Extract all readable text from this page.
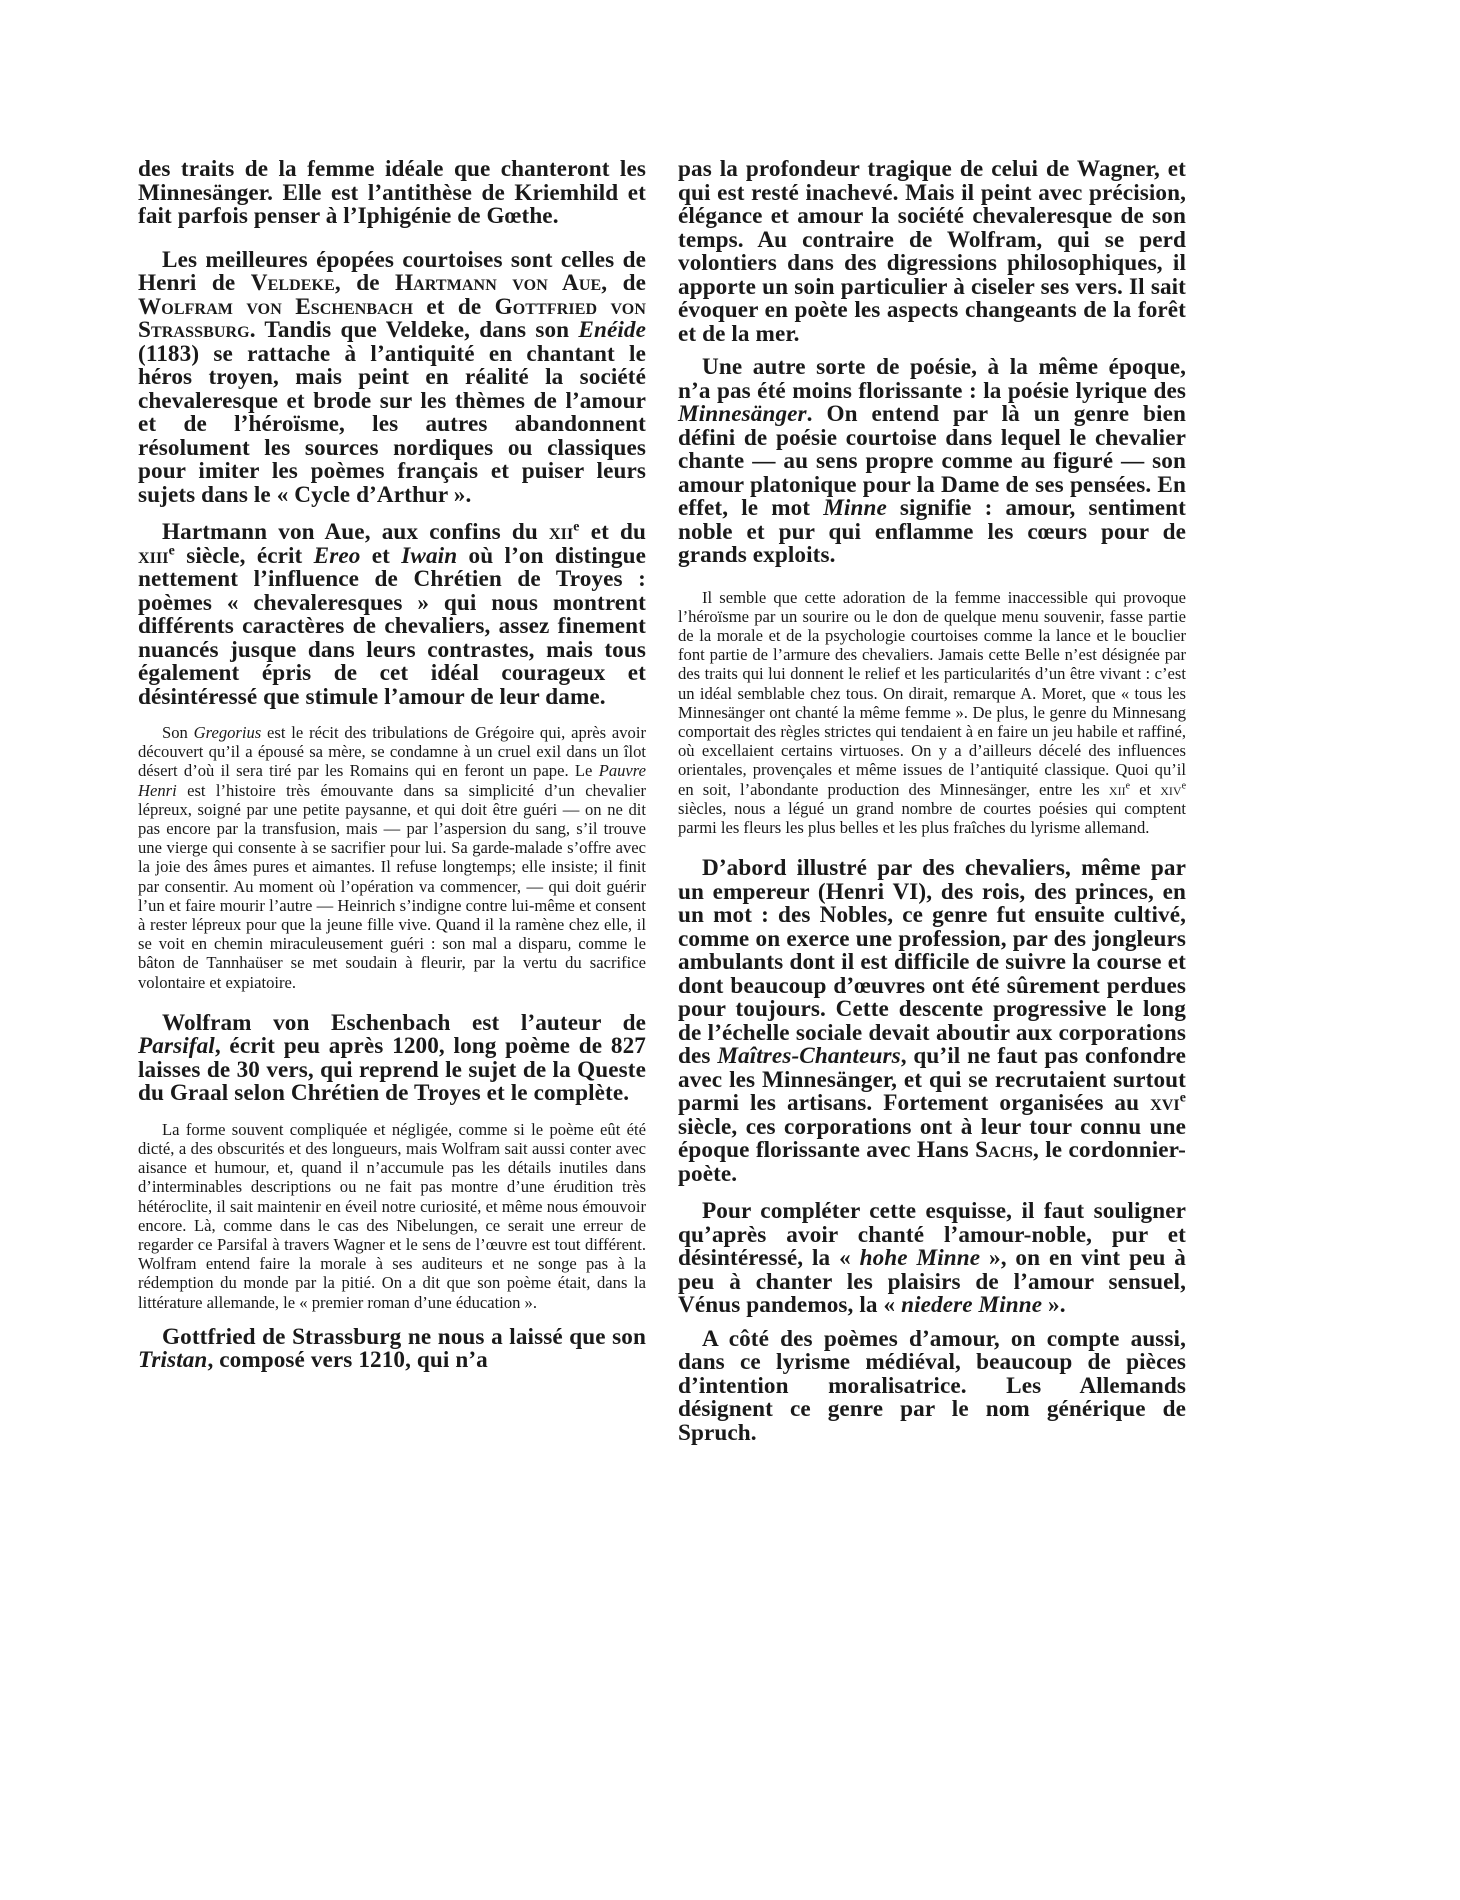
des traits de la femme idéale que chanteront les Minnesänger. Elle est l’antithèse de Kriemhild et fait parfois penser à l’Iphigénie de Gœthe.

Les meilleures épopées courtoises sont celles de Henri de Veldeke, de Hartmann von Aue, de Wolfram von Eschenbach et de Gottfried von Strassburg. Tandis que Veldeke, dans son Enéide (1183) se rattache à l’antiquité en chantant le héros troyen, mais peint en réalité la société chevaleresque et brode sur les thèmes de l’amour et de l’héroïsme, les autres abandonnent résolument les sources nordiques ou classiques pour imiter les poèmes français et puiser leurs sujets dans le « Cycle d’Arthur ».

Hartmann von Aue, aux confins du xii$^e$ et du xiii$^e$ siècle, écrit Ereo et Iwain où l’on distingue nettement l’influence de Chrétien de Troyes : poèmes « chevaleresques » qui nous montrent différents caractères de chevaliers, assez finement nuancés jusque dans leurs contrastes, mais tous également épris de cet idéal courageux et désintéressé que stimule l’amour de leur dame.

Son Gregorius est le récit des tribulations de Grégoire qui, après avoir découvert qu’il a épousé sa mère, se condamne à un cruel exil dans un îlot désert d’où il sera tiré par les Romains qui en feront un pape. Le Pauvre Henri est l’histoire très émouvante dans sa simplicité d’un chevalier lépreux, soigné par une petite paysanne, et qui doit être guéri — on ne dit pas encore par la transfusion, mais — par l’aspersion du sang, s’il trouve une vierge qui consente à se sacrifier pour lui. Sa garde-malade s’offre avec la joie des âmes pures et aimantes. Il refuse longtemps; elle insiste; il finit par consentir. Au moment où l’opération va commencer, — qui doit guérir l’un et faire mourir l’autre — Heinrich s’indigne contre lui-même et consent à rester lépreux pour que la jeune fille vive. Quand il la ramène chez elle, il se voit en chemin miraculeusement guéri : son mal a disparu, comme le bâton de Tannhaüser se met soudain à fleurir, par la vertu du sacrifice volontaire et expiatoire.

Wolfram von Eschenbach est l’auteur de Parsifal, écrit peu après 1200, long poème de 827 laisses de 30 vers, qui reprend le sujet de la Queste du Graal selon Chrétien de Troyes et le complète.

La forme souvent compliquée et négligée, comme si le poème eût été dicté, a des obscurités et des longueurs, mais Wolfram sait aussi conter avec aisance et humour, et, quand il n’accumule pas les détails inutiles dans d’interminables descriptions ou ne fait pas montre d’une érudition très hétéroclite, il sait maintenir en éveil notre curiosité, et même nous émouvoir encore. Là, comme dans le cas des Nibelungen, ce serait une erreur de regarder ce Parsifal à travers Wagner et le sens de l’œuvre est tout différent. Wolfram entend faire la morale à ses auditeurs et ne songe pas à la rédemption du monde par la pitié. On a dit que son poème était, dans la littérature allemande, le « premier roman d’une éducation ».

Gottfried de Strassburg ne nous a laissé que son Tristan, composé vers 1210, qui n’a

pas la profondeur tragique de celui de Wagner, et qui est resté inachevé. Mais il peint avec précision, élégance et amour la société chevaleresque de son temps. Au contraire de Wolfram, qui se perd volontiers dans des digressions philosophiques, il apporte un soin particulier à ciseler ses vers. Il sait évoquer en poète les aspects changeants de la forêt et de la mer.

Une autre sorte de poésie, à la même époque, n’a pas été moins florissante : la poésie lyrique des Minnesänger. On entend par là un genre bien défini de poésie courtoise dans lequel le chevalier chante — au sens propre comme au figuré — son amour platonique pour la Dame de ses pensées. En effet, le mot Minne signifie : amour, sentiment noble et pur qui enflamme les cœurs pour de grands exploits.

Il semble que cette adoration de la femme inaccessible qui provoque l’héroïsme par un sourire ou le don de quelque menu souvenir, fasse partie de la morale et de la psychologie courtoises comme la lance et le bouclier font partie de l’armure des chevaliers. Jamais cette Belle n’est désignée par des traits qui lui donnent le relief et les particularités d’un être vivant : c’est un idéal semblable chez tous. On dirait, remarque A. Moret, que « tous les Minnesänger ont chanté la même femme ». De plus, le genre du Minnesang comportait des règles strictes qui tendaient à en faire un jeu habile et raffiné, où excellaient certains virtuoses. On y a d’ailleurs décelé des influences orientales, provençales et même issues de l’antiquité classique. Quoi qu’il en soit, l’abondante production des Minnesänger, entre les xii$^e$ et xiv$^e$ siècles, nous a légué un grand nombre de courtes poésies qui comptent parmi les fleurs les plus belles et les plus fraîches du lyrisme allemand.

D’abord illustré par des chevaliers, même par un empereur (Henri VI), des rois, des princes, en un mot : des Nobles, ce genre fut ensuite cultivé, comme on exerce une profession, par des jongleurs ambulants dont il est difficile de suivre la course et dont beaucoup d’œuvres ont été sûrement perdues pour toujours. Cette descente progressive le long de l’échelle sociale devait aboutir aux corporations des Maîtres-Chanteurs, qu’il ne faut pas confondre avec les Minnesänger, et qui se recrutaient surtout parmi les artisans. Fortement organisées au xvi$^e$ siècle, ces corporations ont à leur tour connu une époque florissante avec Hans Sachs, le cordonnier-poète.

Pour compléter cette esquisse, il faut souligner qu’après avoir chanté l’amour-noble, pur et désintéressé, la « hohe Minne », on en vint peu à peu à chanter les plaisirs de l’amour sensuel, Vénus pandemos, la « niedere Minne ».

A côté des poèmes d’amour, on compte aussi, dans ce lyrisme médiéval, beaucoup de pièces d’intention moralisatrice. Les Allemands désignent ce genre par le nom générique de Spruch.
